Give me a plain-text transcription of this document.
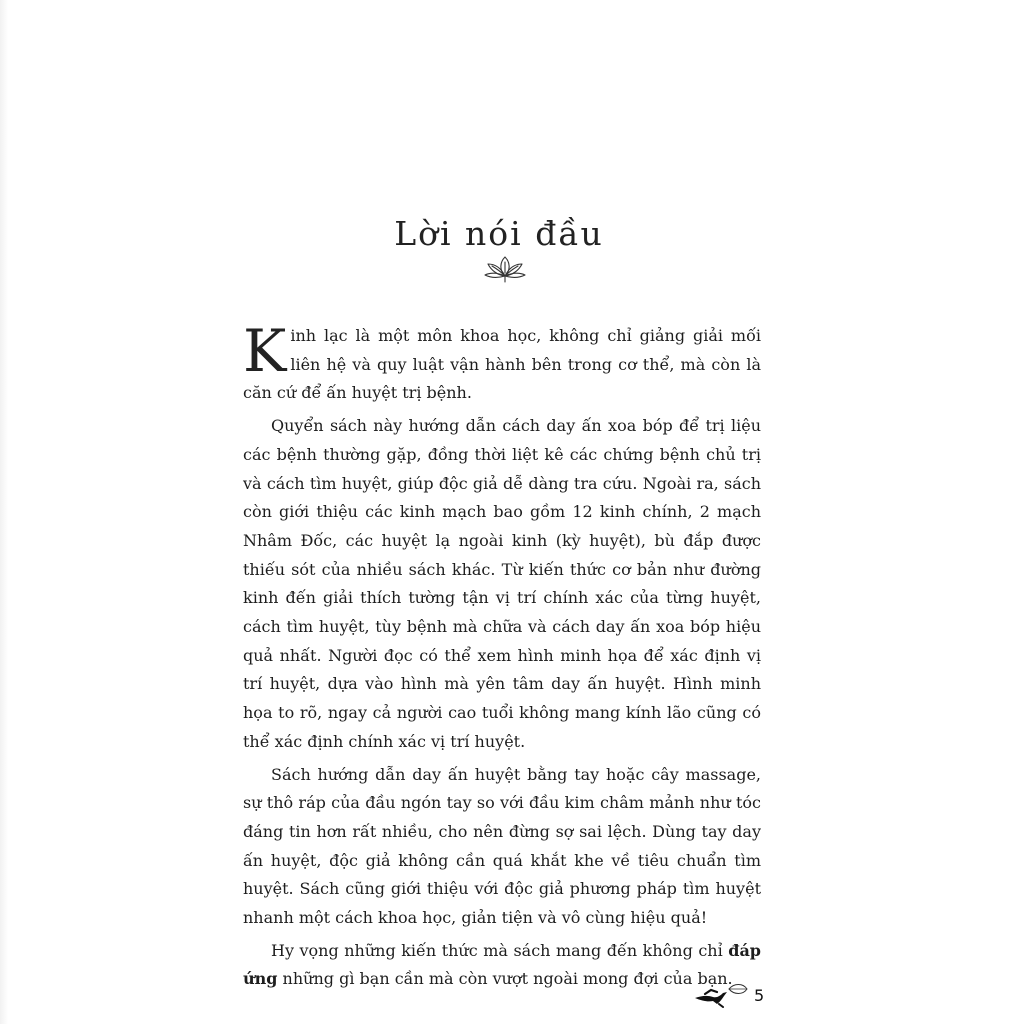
Lời nói đầu

Kinh lạc là một môn khoa học, không chỉ giảng giải mối liên hệ và quy luật vận hành bên trong cơ thể, mà còn là căn cứ để ấn huyệt trị bệnh.

Quyển sách này hướng dẫn cách day ấn xoa bóp để trị liệu các bệnh thường gặp, đồng thời liệt kê các chứng bệnh chủ trị và cách tìm huyệt, giúp độc giả dễ dàng tra cứu. Ngoài ra, sách còn giới thiệu các kinh mạch bao gồm 12 kinh chính, 2 mạch Nhâm Đốc, các huyệt lạ ngoài kinh (kỳ huyệt), bù đắp được thiếu sót của nhiều sách khác. Từ kiến thức cơ bản như đường kinh đến giải thích tường tận vị trí chính xác của từng huyệt, cách tìm huyệt, tùy bệnh mà chữa và cách day ấn xoa bóp hiệu quả nhất. Người đọc có thể xem hình minh họa để xác định vị trí huyệt, dựa vào hình mà yên tâm day ấn huyệt. Hình minh họa to rõ, ngay cả người cao tuổi không mang kính lão cũng có thể xác định chính xác vị trí huyệt.

Sách hướng dẫn day ấn huyệt bằng tay hoặc cây massage, sự thô ráp của đầu ngón tay so với đầu kim châm mảnh như tóc đáng tin hơn rất nhiều, cho nên đừng sợ sai lệch. Dùng tay day ấn huyệt, độc giả không cần quá khắt khe về tiêu chuẩn tìm huyệt. Sách cũng giới thiệu với độc giả phương pháp tìm huyệt nhanh một cách khoa học, giản tiện và vô cùng hiệu quả!

Hy vọng những kiến thức mà sách mang đến không chỉ đáp ứng những gì bạn cần mà còn vượt ngoài mong đợi của bạn.

5
